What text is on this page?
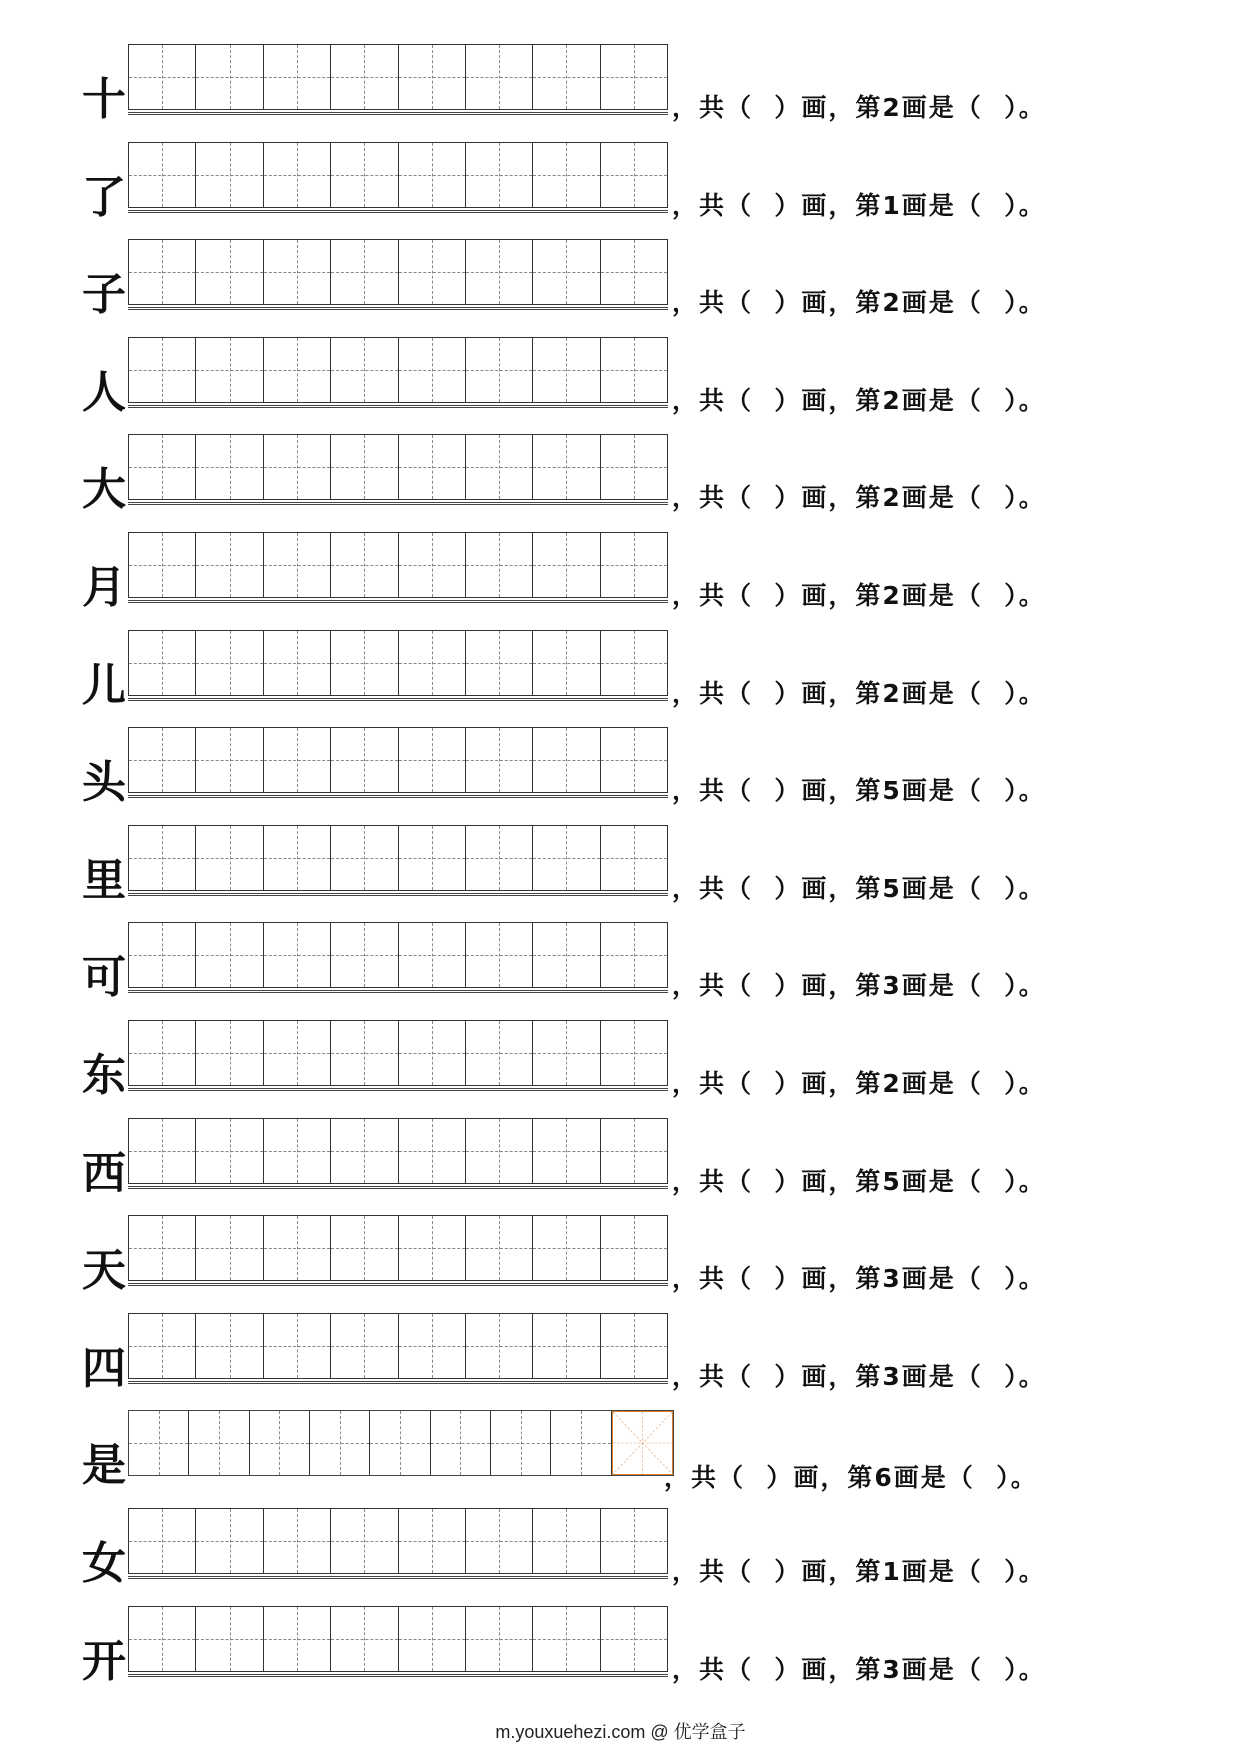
十	，共（  ）画，第2画是（  ）。
了	，共（  ）画，第1画是（  ）。
子	，共（  ）画，第2画是（  ）。
人	，共（  ）画，第2画是（  ）。
大	，共（  ）画，第2画是（  ）。
月	，共（  ）画，第2画是（  ）。
儿	，共（  ）画，第2画是（  ）。
头	，共（  ）画，第5画是（  ）。
里	，共（  ）画，第5画是（  ）。
可	，共（  ）画，第3画是（  ）。
东	，共（  ）画，第2画是（  ）。
西	，共（  ）画，第5画是（  ）。
天	，共（  ）画，第3画是（  ）。
四	，共（  ）画，第3画是（  ）。
是	，共（  ）画，第6画是（  ）。
女	，共（  ）画，第1画是（  ）。
开	，共（  ）画，第3画是（  ）。
m.youxuehezi.com @ 优学盒子
